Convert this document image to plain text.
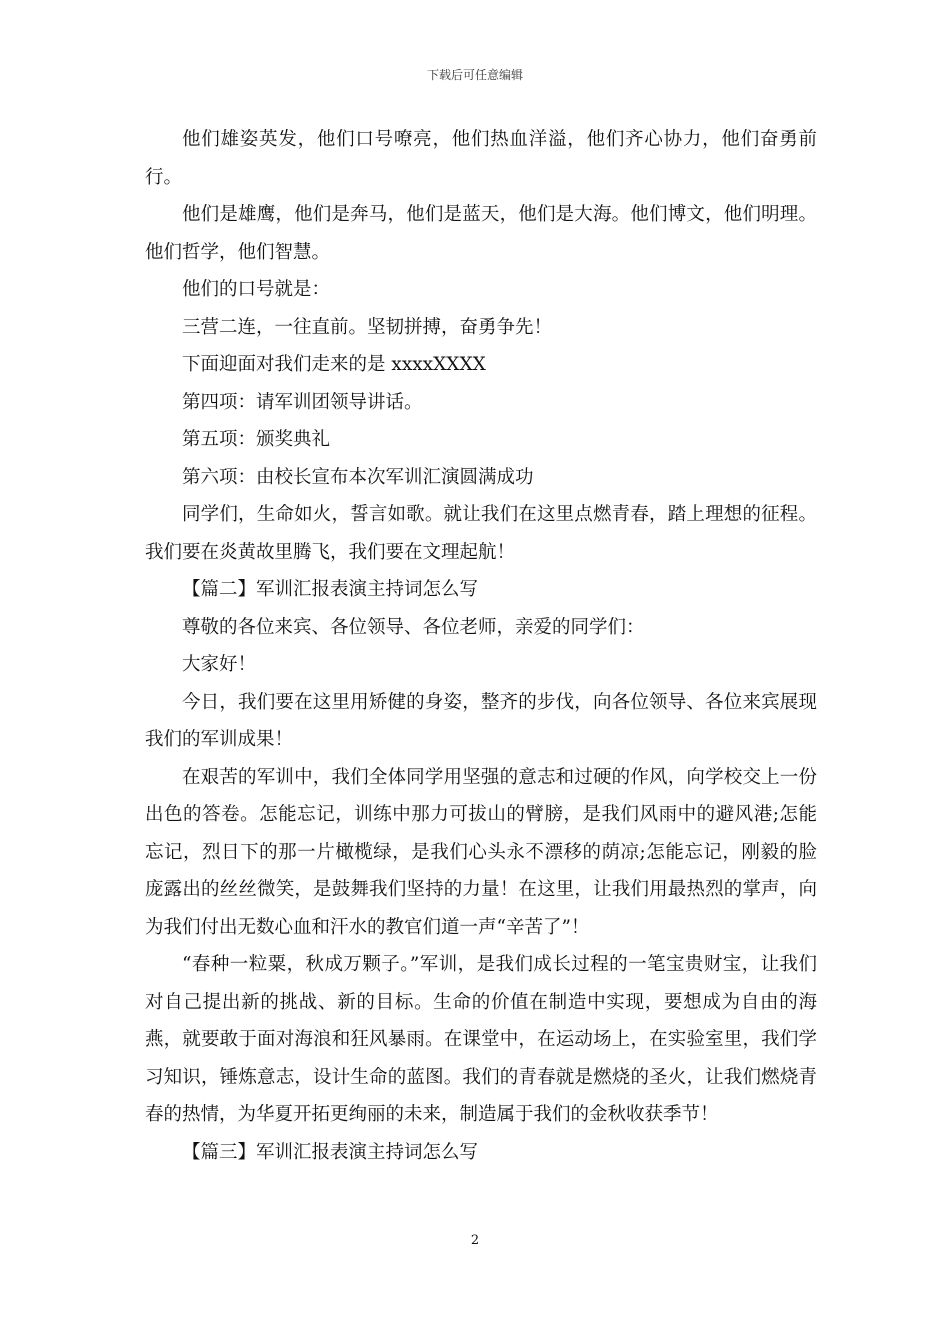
下载后可任意编辑

他们雄姿英发，他们口号嘹亮，他们热血洋溢，他们齐心协力，他们奋勇前行。

他们是雄鹰，他们是奔马，他们是蓝天，他们是大海。他们博文，他们明理。他们哲学，他们智慧。

他们的口号就是：

三营二连，一往直前。坚韧拼搏，奋勇争先！

下面迎面对我们走来的是 xxxxXXXX

第四项：请军训团领导讲话。

第五项：颁奖典礼

第六项：由校长宣布本次军训汇演圆满成功

同学们，生命如火，誓言如歌。就让我们在这里点燃青春，踏上理想的征程。我们要在炎黄故里腾飞，我们要在文理起航！

【篇二】军训汇报表演主持词怎么写

尊敬的各位来宾、各位领导、各位老师，亲爱的同学们：

大家好！

今日，我们要在这里用矫健的身姿，整齐的步伐，向各位领导、各位来宾展现我们的军训成果！

在艰苦的军训中，我们全体同学用坚强的意志和过硬的作风，向学校交上一份出色的答卷。怎能忘记，训练中那力可拔山的臂膀，是我们风雨中的避风港;怎能忘记，烈日下的那一片橄榄绿，是我们心头永不漂移的荫凉;怎能忘记，刚毅的脸庞露出的丝丝微笑，是鼓舞我们坚持的力量！在这里，让我们用最热烈的掌声，向为我们付出无数心血和汗水的教官们道一声“辛苦了”！

“春种一粒粟，秋成万颗子。”军训，是我们成长过程的一笔宝贵财宝，让我们对自己提出新的挑战、新的目标。生命的价值在制造中实现，要想成为自由的海燕，就要敢于面对海浪和狂风暴雨。在课堂中，在运动场上，在实验室里，我们学习知识，锤炼意志，设计生命的蓝图。我们的青春就是燃烧的圣火，让我们燃烧青春的热情，为华夏开拓更绚丽的未来，制造属于我们的金秋收获季节！

【篇三】军训汇报表演主持词怎么写

2
